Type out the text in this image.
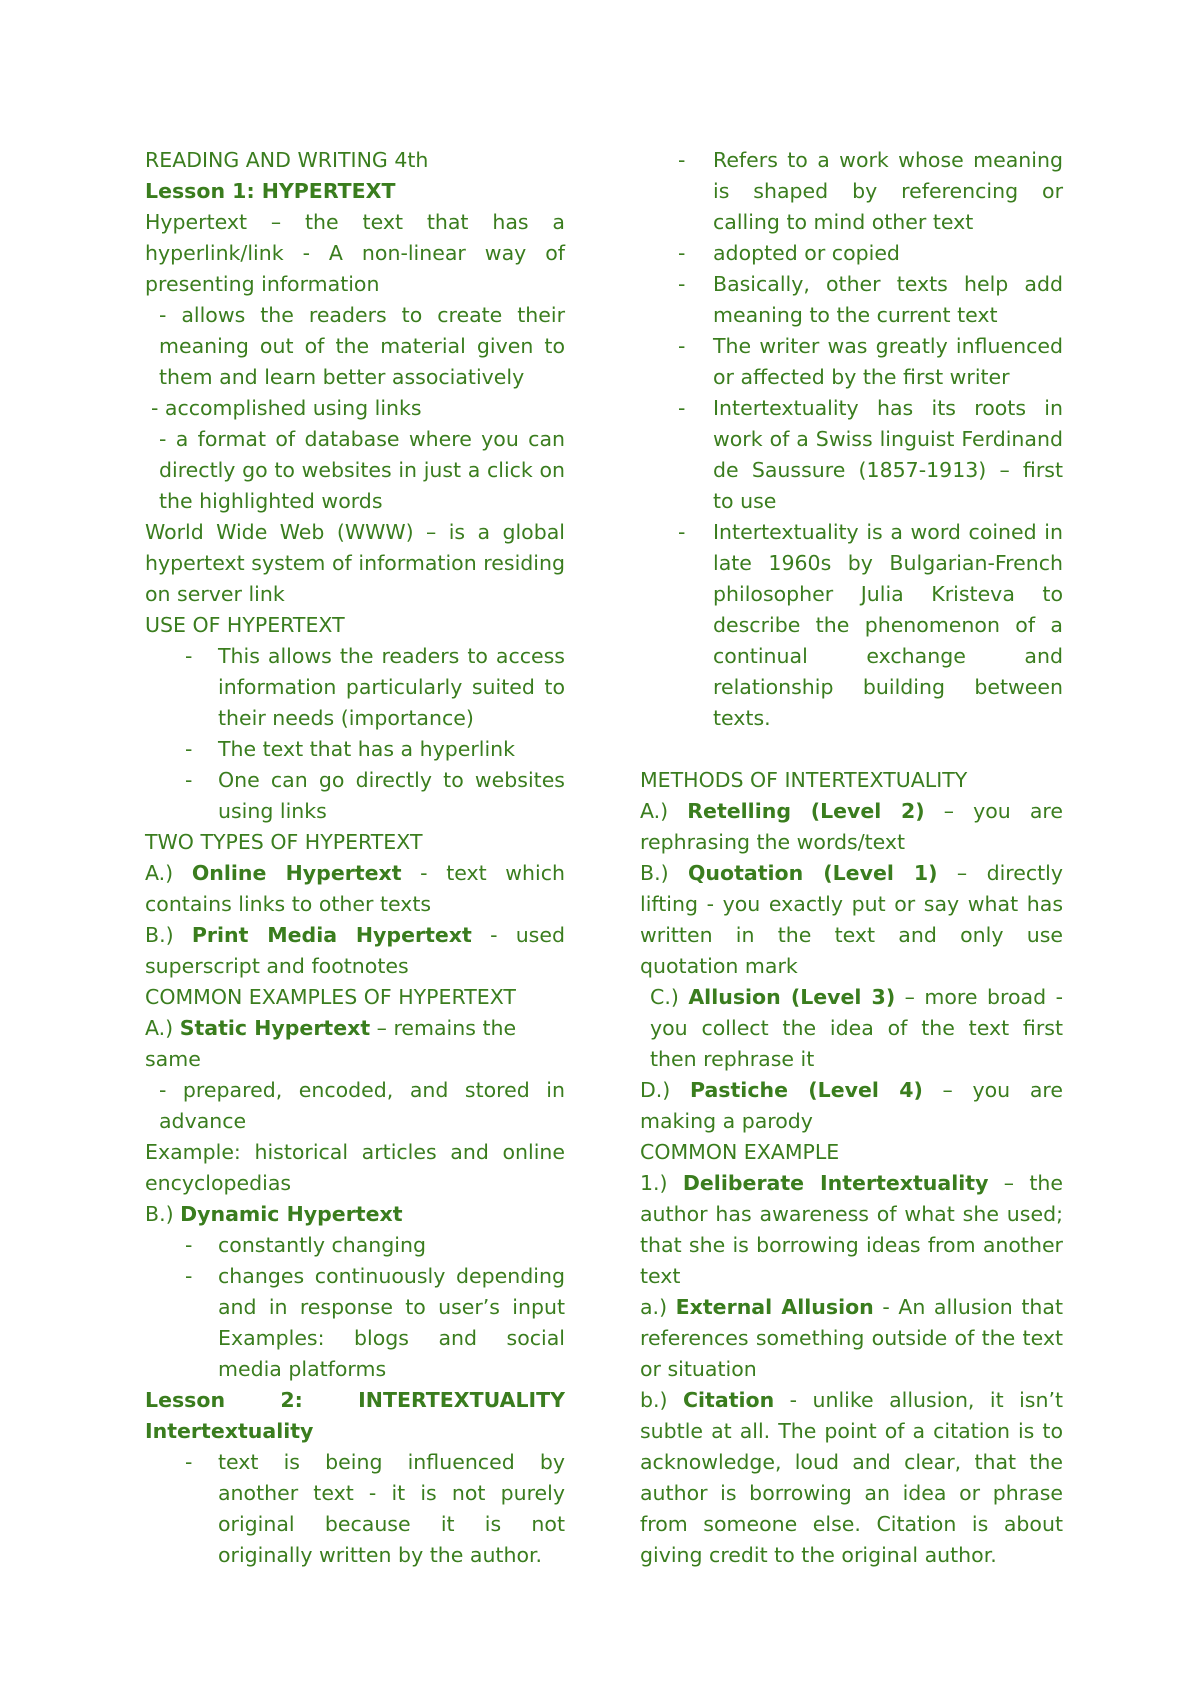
READING AND WRITING 4th

Lesson 1: HYPERTEXT

Hypertext – the text that has a hyperlink/link - A non-linear way of presenting information

- allows the readers to create their meaning out of the material given to them and learn better associatively

- accomplished using links

- a format of database where you can directly go to websites in just a click on the highlighted words

World Wide Web (WWW) – is a global hypertext system of information residing on server link

USE OF HYPERTEXT

- This allows the readers to access information particularly suited to their needs (importance)
- The text that has a hyperlink
- One can go directly to websites using links

TWO TYPES OF HYPERTEXT

A.) Online Hypertext - text which contains links to other texts

B.) Print Media Hypertext - used superscript and footnotes

COMMON EXAMPLES OF HYPERTEXT

A.) Static Hypertext – remains the same

- prepared, encoded, and stored in advance

Example: historical articles and online encyclopedias

B.) Dynamic Hypertext

- constantly changing
- changes continuously depending and in response to user’s input Examples: blogs and social media platforms

Lesson 2: INTERTEXTUALITY

Intertextuality

- text is being influenced by another text - it is not purely original because it is not originally written by the author.
- Refers to a work whose meaning is shaped by referencing or calling to mind other text
- adopted or copied
- Basically, other texts help add meaning to the current text
- The writer was greatly influenced or affected by the first writer
- Intertextuality has its roots in work of a Swiss linguist Ferdinand de Saussure (1857-1913) – first to use
- Intertextuality is a word coined in late 1960s by Bulgarian-French philosopher Julia Kristeva to describe the phenomenon of a continual exchange and relationship building between texts.

METHODS OF INTERTEXTUALITY

A.) Retelling (Level 2) – you are rephrasing the words/text

B.) Quotation (Level 1) – directly lifting - you exactly put or say what has written in the text and only use quotation mark

C.) Allusion (Level 3) – more broad - you collect the idea of the text first then rephrase it

D.) Pastiche (Level 4) – you are making a parody

COMMON EXAMPLE

1.) Deliberate Intertextuality – the author has awareness of what she used; that she is borrowing ideas from another text

a.) External Allusion - An allusion that references something outside of the text or situation

b.) Citation - unlike allusion, it isn’t subtle at all. The point of a citation is to acknowledge, loud and clear, that the author is borrowing an idea or phrase from someone else. Citation is about giving credit to the original author.
